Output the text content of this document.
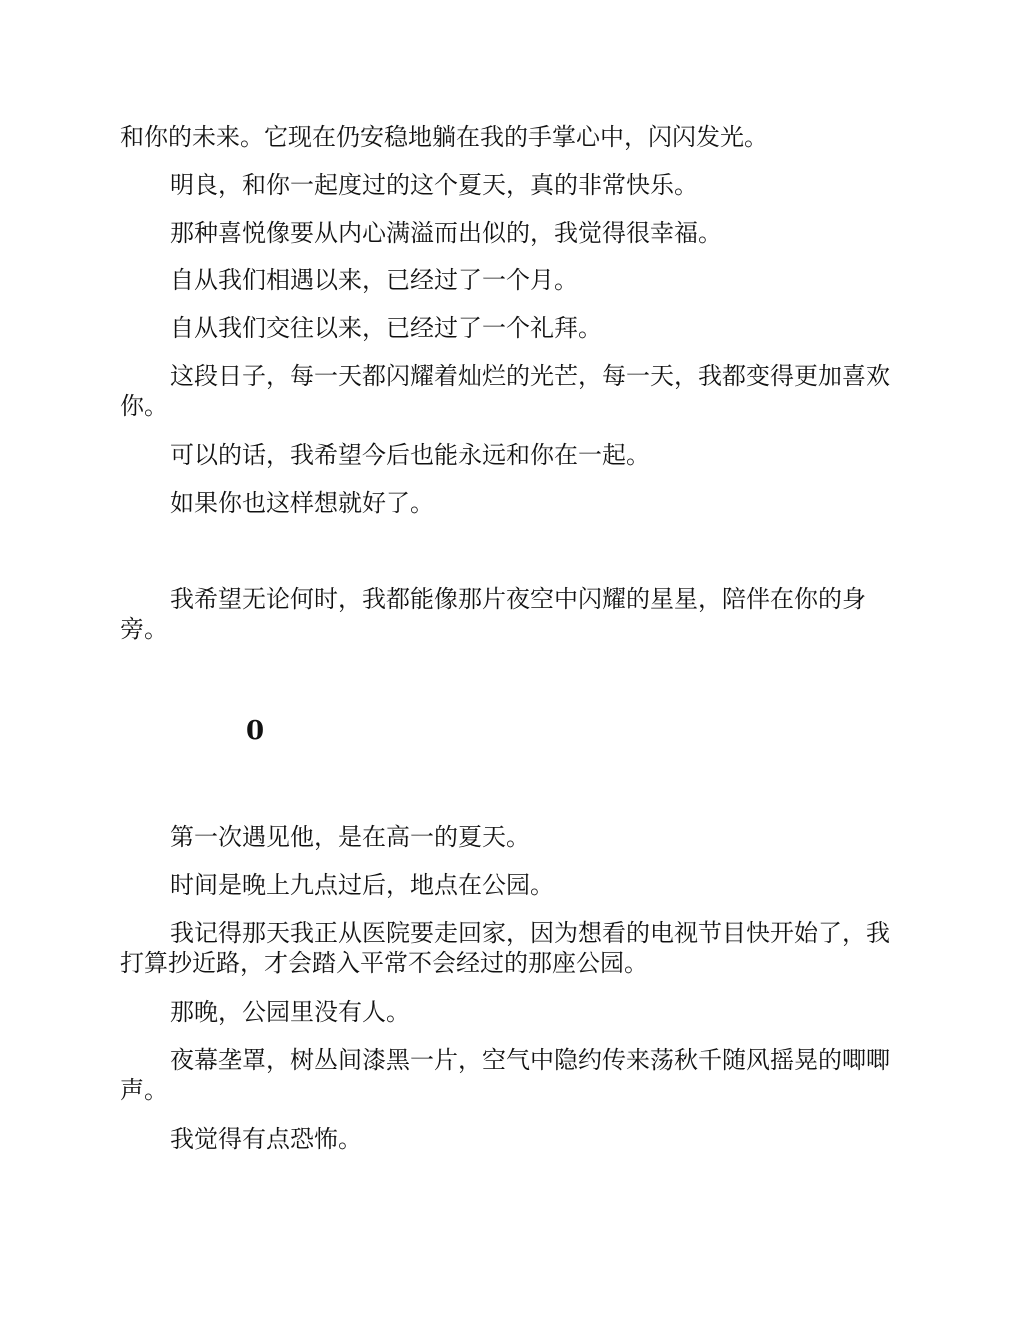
和你的未来。它现在仍安稳地躺在我的手掌心中，闪闪发光。

明良，和你一起度过的这个夏天，真的非常快乐。

那种喜悦像要从内心满溢而出似的，我觉得很幸福。

自从我们相遇以来，已经过了一个月。

自从我们交往以来，已经过了一个礼拜。

这段日子，每一天都闪耀着灿烂的光芒，每一天，我都变得更加喜欢你。

可以的话，我希望今后也能永远和你在一起。

如果你也这样想就好了。

我希望无论何时，我都能像那片夜空中闪耀的星星，陪伴在你的身旁。

0

第一次遇见他，是在高一的夏天。

时间是晚上九点过后，地点在公园。

我记得那天我正从医院要走回家，因为想看的电视节目快开始了，我打算抄近路，才会踏入平常不会经过的那座公园。

那晚，公园里没有人。

夜幕垄罩，树丛间漆黑一片，空气中隐约传来荡秋千随风摇晃的唧唧声。

我觉得有点恐怖。
